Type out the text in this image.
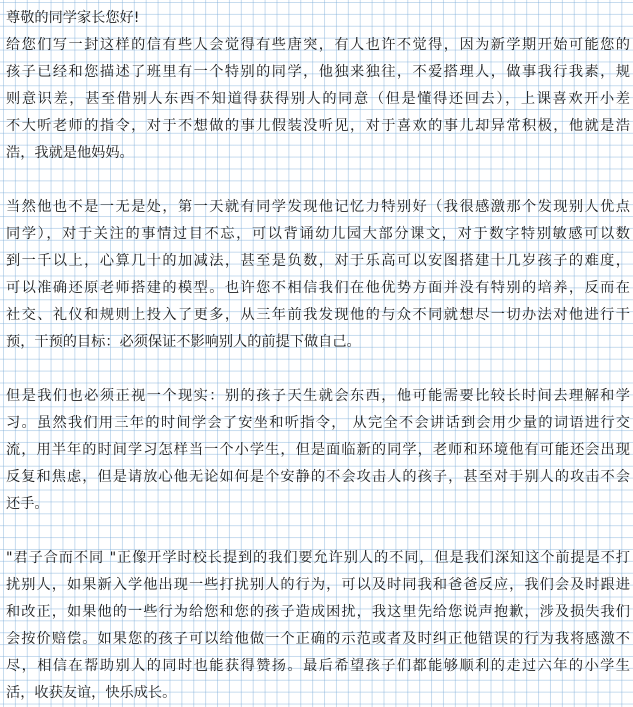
尊敬的同学家长您好!
给您们写一封这样的信有些人会觉得有些唐突，有人也许不觉得，因为新学期开始可能您的
孩子已经和您描述了班里有一个特别的同学，他独来独往，不爱搭理人，做事我行我素，规
则意识差，甚至借别人东西不知道得获得别人的同意（但是懂得还回去），上课喜欢开小差
不大听老师的指令，对于不想做的事儿假装没听见，对于喜欢的事儿却异常积极，他就是浩
浩，我就是他妈妈。
当然他也不是一无是处，第一天就有同学发现他记忆力特别好（我很感激那个发现别人优点
同学），对于关注的事情过目不忘，可以背诵幼儿园大部分课文，对于数字特别敏感可以数
到一千以上，心算几十的加减法，甚至是负数，对于乐高可以安图搭建十几岁孩子的难度，
可以准确还原老师搭建的模型。也许您不相信我们在他优势方面并没有特别的培养，反而在
社交、礼仪和规则上投入了更多，从三年前我发现他的与众不同就想尽一切办法对他进行干
预，干预的目标：必须保证不影响别人的前提下做自己。
但是我们也必须正视一个现实：别的孩子天生就会东西，他可能需要比较长时间去理解和学
习。虽然我们用三年的时间学会了安坐和听指令， 从完全不会讲话到会用少量的词语进行交
流，用半年的时间学习怎样当一个小学生，但是面临新的同学，老师和环境他有可能还会出现
反复和焦虑，但是请放心他无论如何是个安静的不会攻击人的孩子，甚至对于别人的攻击不会
还手。
"君子合而不同 "正像开学时校长提到的我们要允许别人的不同，但是我们深知这个前提是不打
扰别人，如果新入学他出现一些打扰别人的行为，可以及时同我和爸爸反应，我们会及时跟进
和改正，如果他的一些行为给您和您的孩子造成困扰，我这里先给您说声抱歉，涉及损失我们
会按价赔偿。如果您的孩子可以给他做一个正确的示范或者及时纠正他错误的行为我将感激不
尽，相信在帮助别人的同时也能获得赞扬。最后希望孩子们都能够顺利的走过六年的小学生
活，收获友谊，快乐成长。
